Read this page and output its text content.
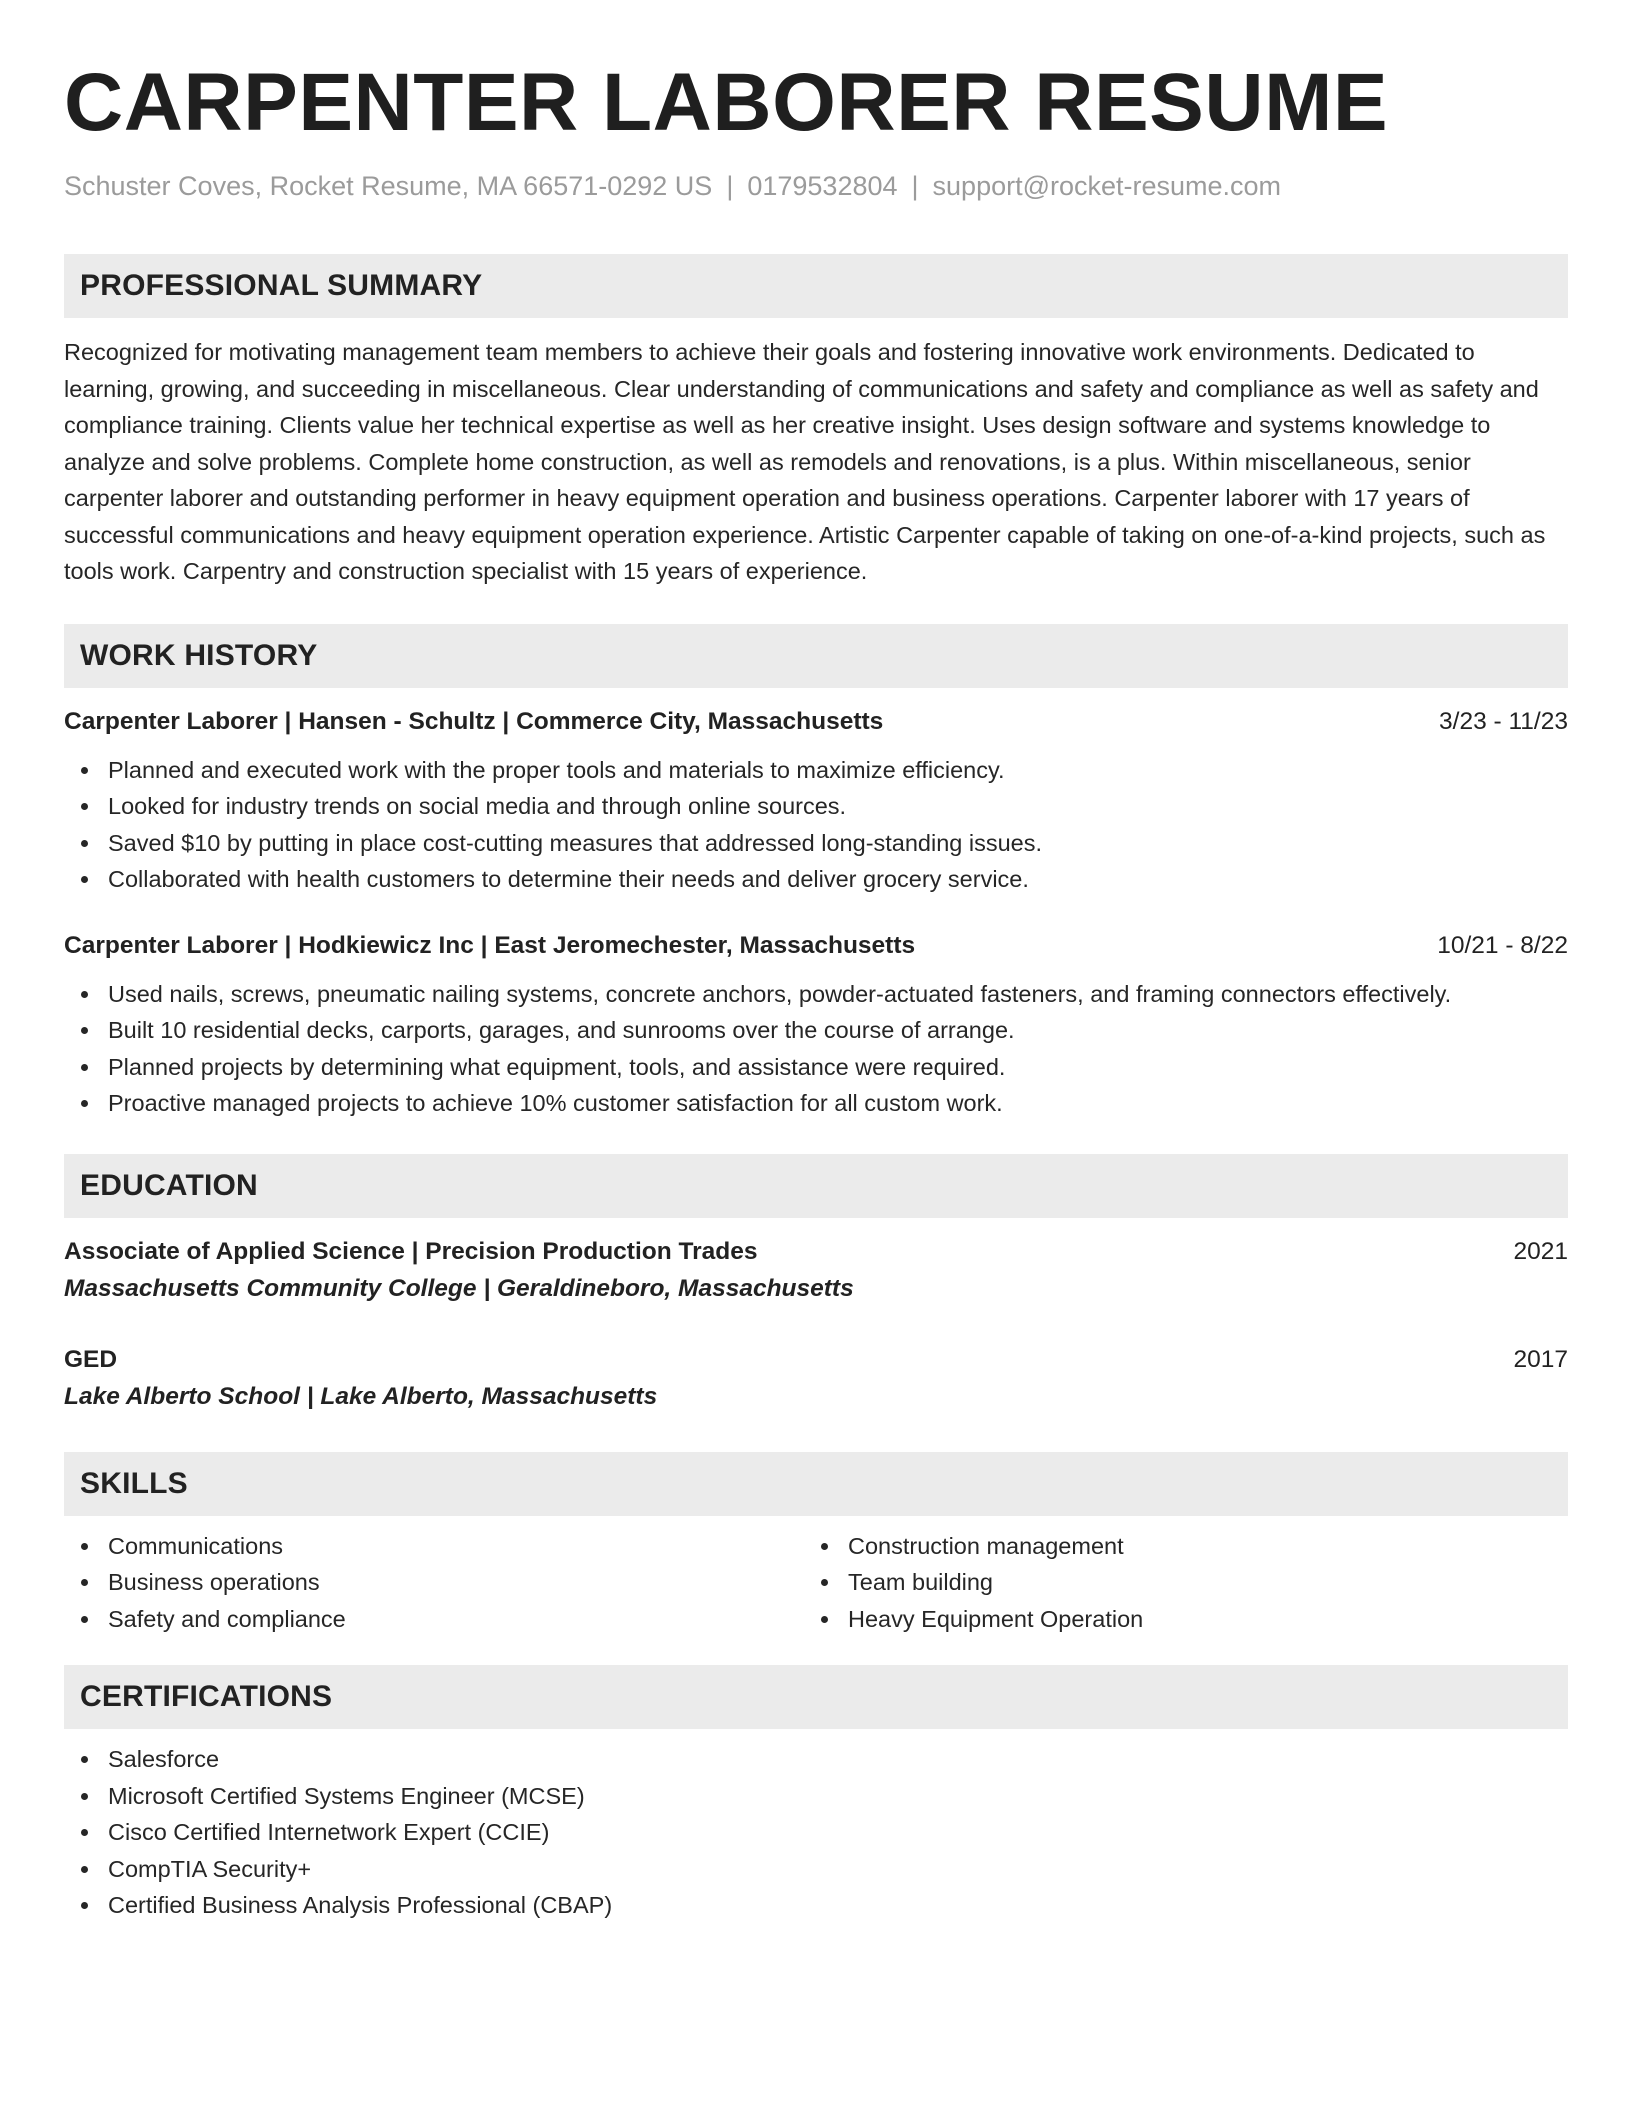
CARPENTER LABORER RESUME
Schuster Coves, Rocket Resume, MA 66571-0292 US | 0179532804 | support@rocket-resume.com
PROFESSIONAL SUMMARY
Recognized for motivating management team members to achieve their goals and fostering innovative work environments. Dedicated to learning, growing, and succeeding in miscellaneous. Clear understanding of communications and safety and compliance as well as safety and compliance training. Clients value her technical expertise as well as her creative insight. Uses design software and systems knowledge to analyze and solve problems. Complete home construction, as well as remodels and renovations, is a plus. Within miscellaneous, senior carpenter laborer and outstanding performer in heavy equipment operation and business operations. Carpenter laborer with 17 years of successful communications and heavy equipment operation experience. Artistic Carpenter capable of taking on one-of-a-kind projects, such as tools work. Carpentry and construction specialist with 15 years of experience.
WORK HISTORY
Carpenter Laborer | Hansen - Schultz | Commerce City, Massachusetts	3/23 - 11/23
Planned and executed work with the proper tools and materials to maximize efficiency.
Looked for industry trends on social media and through online sources.
Saved $10 by putting in place cost-cutting measures that addressed long-standing issues.
Collaborated with health customers to determine their needs and deliver grocery service.
Carpenter Laborer | Hodkiewicz Inc | East Jeromechester, Massachusetts	10/21 - 8/22
Used nails, screws, pneumatic nailing systems, concrete anchors, powder-actuated fasteners, and framing connectors effectively.
Built 10 residential decks, carports, garages, and sunrooms over the course of arrange.
Planned projects by determining what equipment, tools, and assistance were required.
Proactive managed projects to achieve 10% customer satisfaction for all custom work.
EDUCATION
Associate of Applied Science | Precision Production Trades	2021
Massachusetts Community College | Geraldineboro, Massachusetts
GED	2017
Lake Alberto School | Lake Alberto, Massachusetts
SKILLS
Communications
Business operations
Safety and compliance
Construction management
Team building
Heavy Equipment Operation
CERTIFICATIONS
Salesforce
Microsoft Certified Systems Engineer (MCSE)
Cisco Certified Internetwork Expert (CCIE)
CompTIA Security+
Certified Business Analysis Professional (CBAP)
